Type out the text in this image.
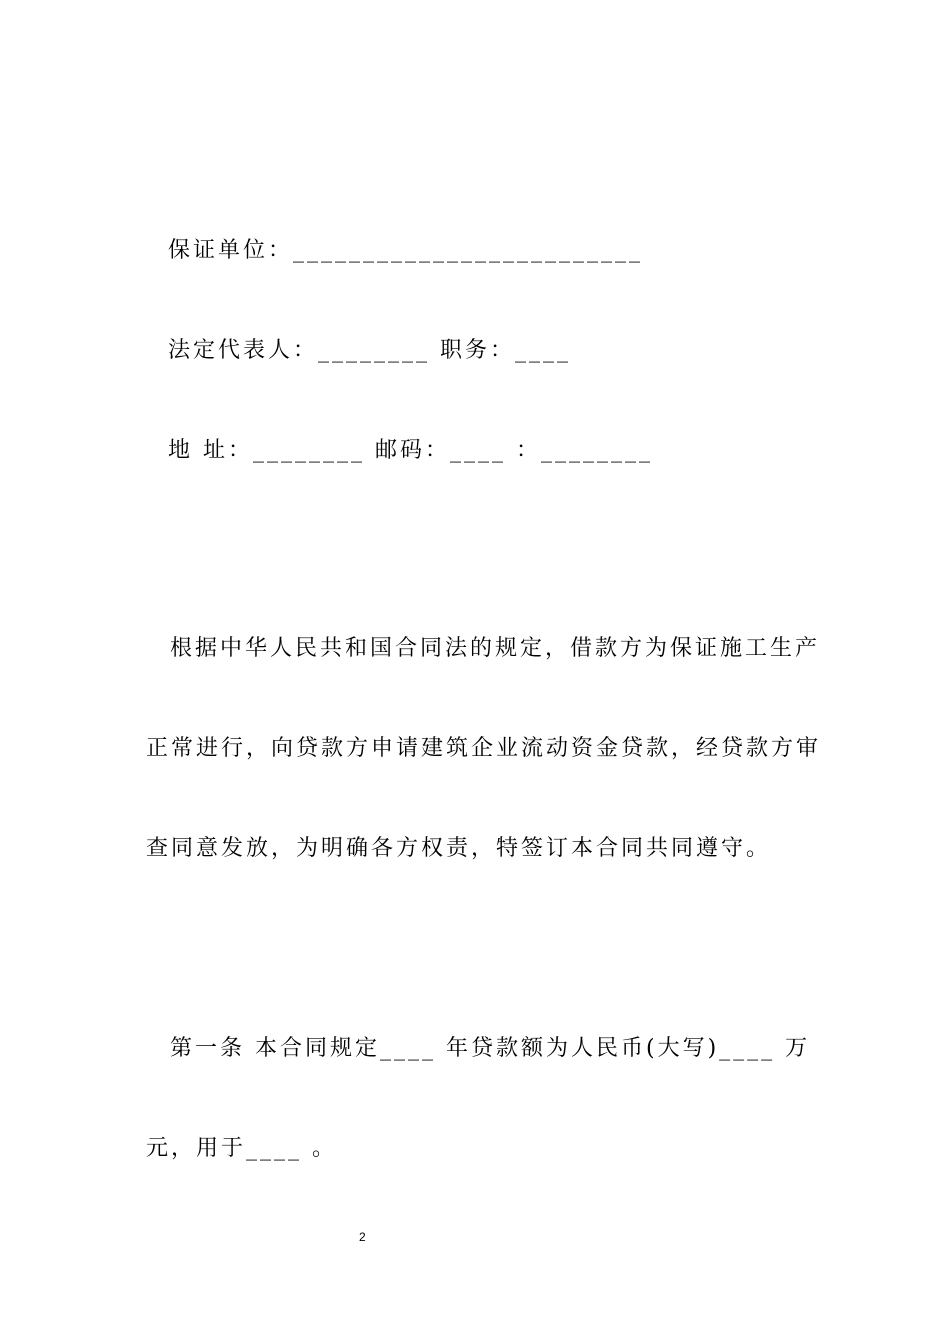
保证单位：_________________________
法定代表人：________ 职务：____
地 址：________ 邮码：____ ：________
根据中华人民共和国合同法的规定，借款方为保证施工生产
正常进行，向贷款方申请建筑企业流动资金贷款，经贷款方审
查同意发放，为明确各方权责，特签订本合同共同遵守。
第一条 本合同规定____ 年贷款额为人民币(大写)____ 万
元，用于____ 。
2
